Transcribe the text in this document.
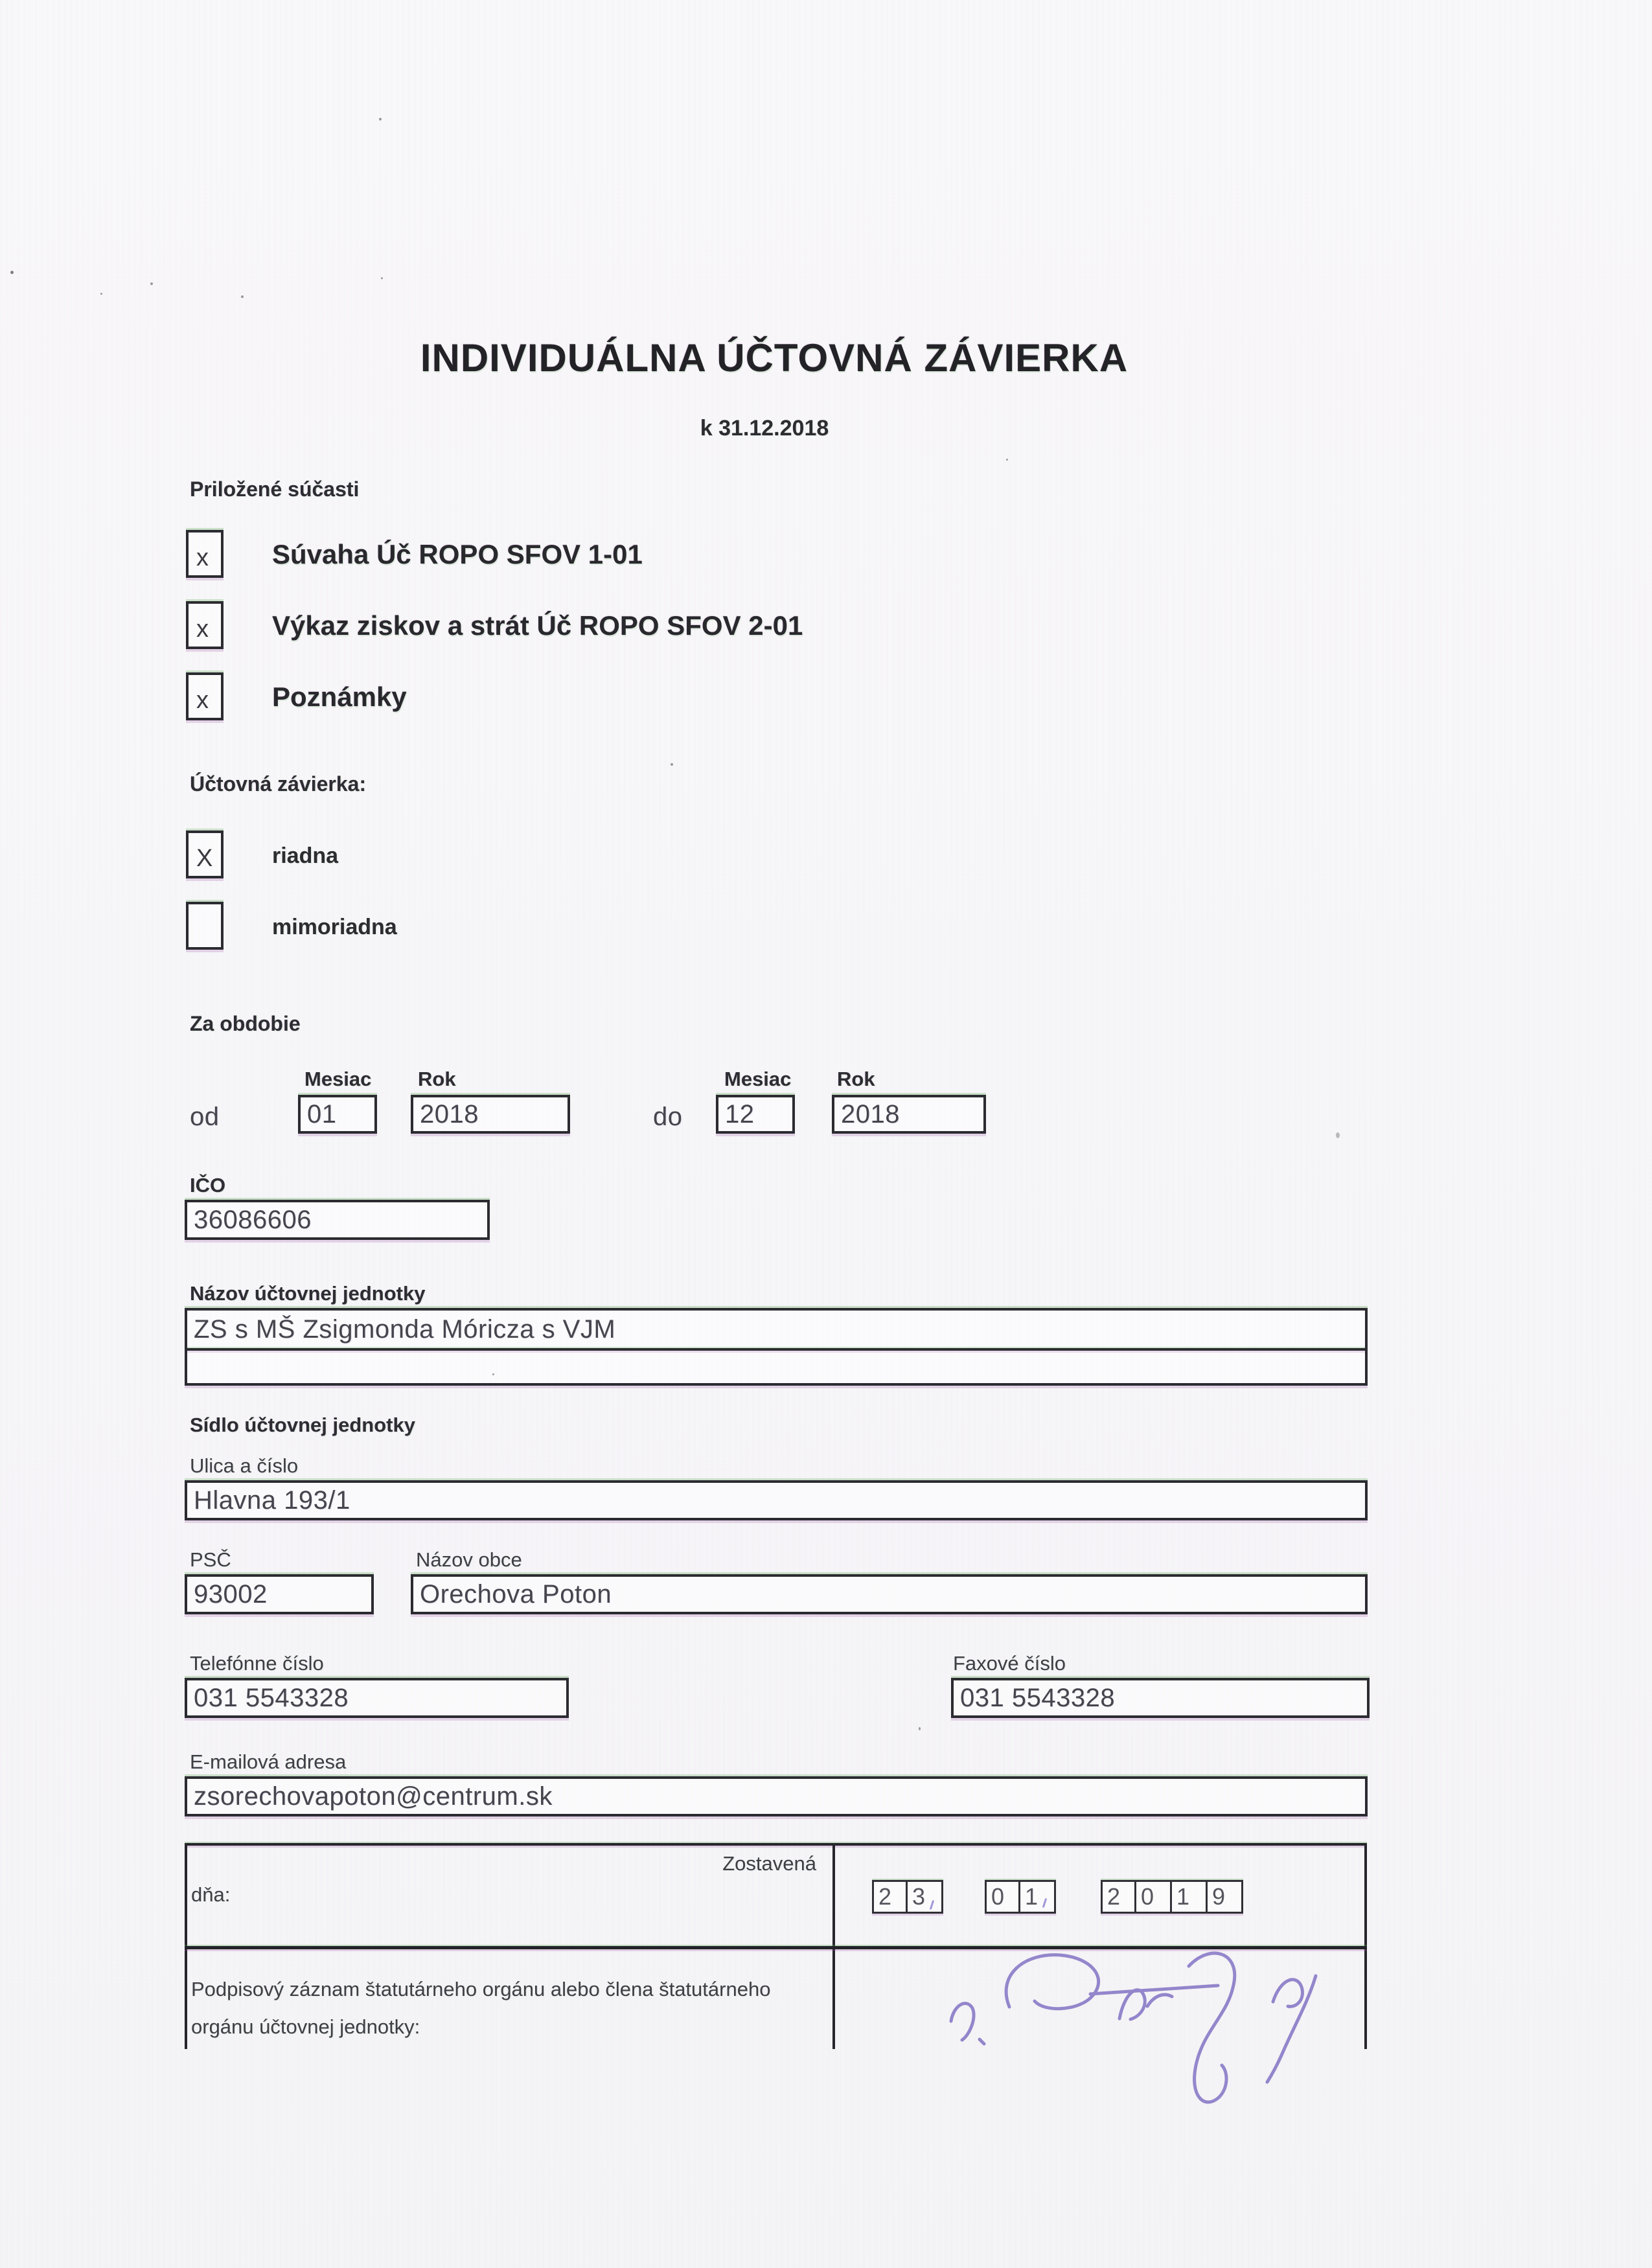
INDIVIDUÁLNA ÚČTOVNÁ ZÁVIERKA
k 31.12.2018
Priložené súčasti
x Súvaha Úč ROPO SFOV 1-01
x Výkaz ziskov a strát Úč ROPO SFOV 2-01
x Poznámky
Účtovná závierka:
X	riadna
mimoriadna
Za obdobie
Mesiac Rok	Mesiac Rok
od	01	2018	do 12	2018
IČO
36086606
Názov účtovnej jednotky
ZS s MŠ Zsigmonda Móricza s VJM
Sídlo účtovnej jednotky
Ulica a číslo
Hlavna 193/1
PSČ	Názov obce
93002	Orechova Poton
Telefónne číslo	Faxové číslo
031 5543328	031 5543328
E-mailová adresa
zsorechovapoton@centrum.sk
Zostavená
dňa:	2 3	0 1	2 0 1 9
Podpisový záznam štatutárneho orgánu alebo člena štatutárneho
orgánu účtovnej jednotky:
